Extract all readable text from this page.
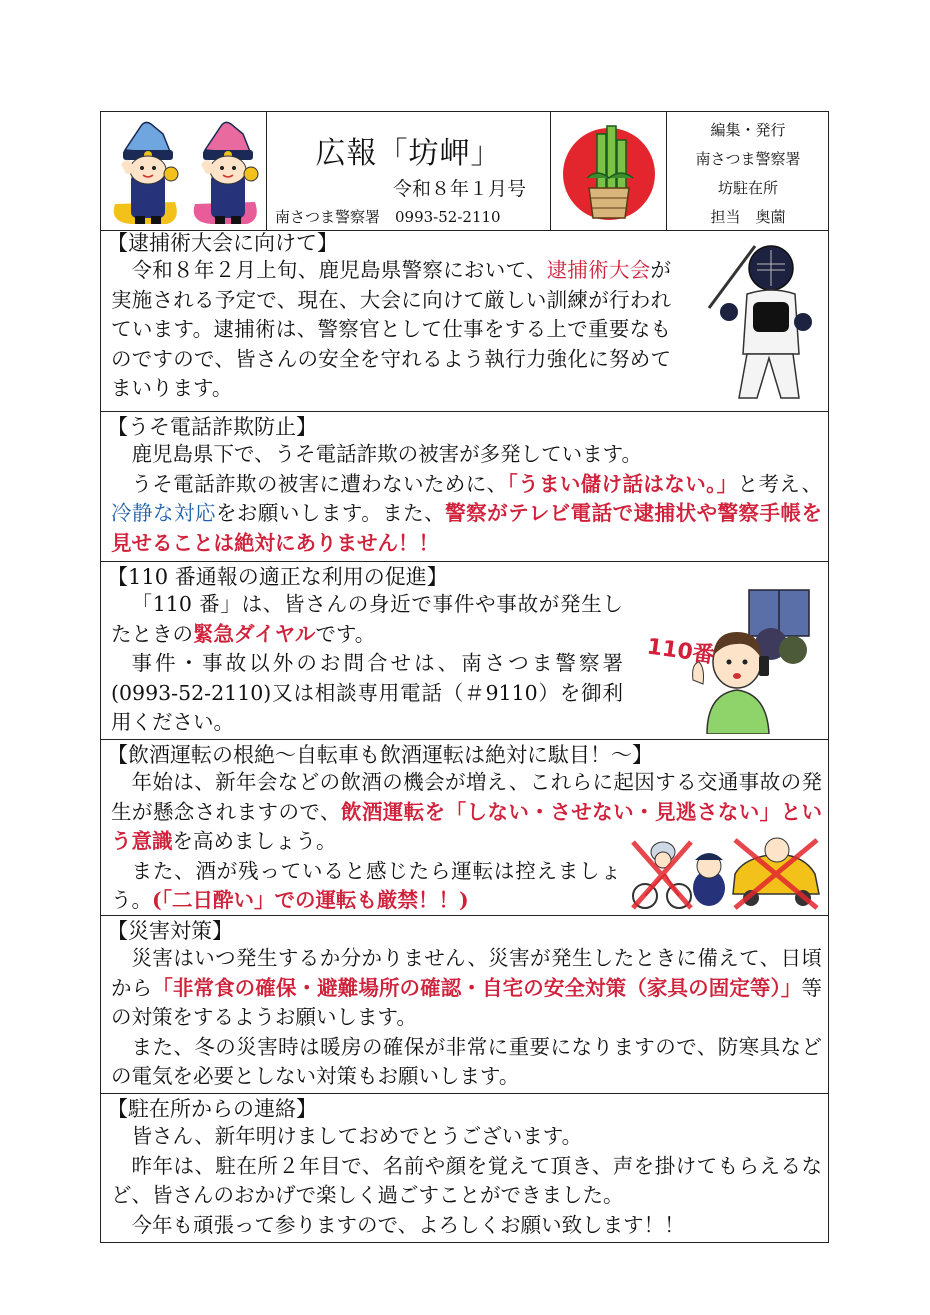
広報「坊岬」
令和８年１月号
南さつま警察署　0993-52-2110
編集・発行
南さつま警察署
坊駐在所
担当　奥薗
【逮捕術大会に向けて】
令和８年２月上旬、鹿児島県警察において、逮捕術大会が実施される予定で、現在、大会に向けて厳しい訓練が行われています。逮捕術は、警察官として仕事をする上で重要なものですので、皆さんの安全を守れるよう執行力強化に努めてまいります。
【うそ電話詐欺防止】
鹿児島県下で、うそ電話詐欺の被害が多発しています。
うそ電話詐欺の被害に遭わないために、「うまい儲け話はない。」と考え、冷静な対応をお願いします。また、警察がテレビ電話で逮捕状や警察手帳を見せることは絶対にありません！！
【110 番通報の適正な利用の促進】
「110 番」は、皆さんの身近で事件や事故が発生したときの緊急ダイヤルです。
事件・事故以外のお問合せは、南さつま警察署(0993-52-2110)又は相談専用電話（＃9110）を御利用ください。
110番
【飲酒運転の根絶～自転車も飲酒運転は絶対に駄目！～】
年始は、新年会などの飲酒の機会が増え、これらに起因する交通事故の発生が懸念されますので、飲酒運転を「しない・させない・見逃さない」という意識を高めましょう。
また、酒が残っていると感じたら運転は控えましょう。(「二日酔い」での運転も厳禁！！)
【災害対策】
災害はいつ発生するか分かりません、災害が発生したときに備えて、日頃から「非常食の確保・避難場所の確認・自宅の安全対策（家具の固定等）」等の対策をするようお願いします。
また、冬の災害時は暖房の確保が非常に重要になりますので、防寒具などの電気を必要としない対策もお願いします。
【駐在所からの連絡】
皆さん、新年明けましておめでとうございます。
昨年は、駐在所２年目で、名前や顔を覚えて頂き、声を掛けてもらえるなど、皆さんのおかげで楽しく過ごすことができました。
今年も頑張って参りますので、よろしくお願い致します！！
